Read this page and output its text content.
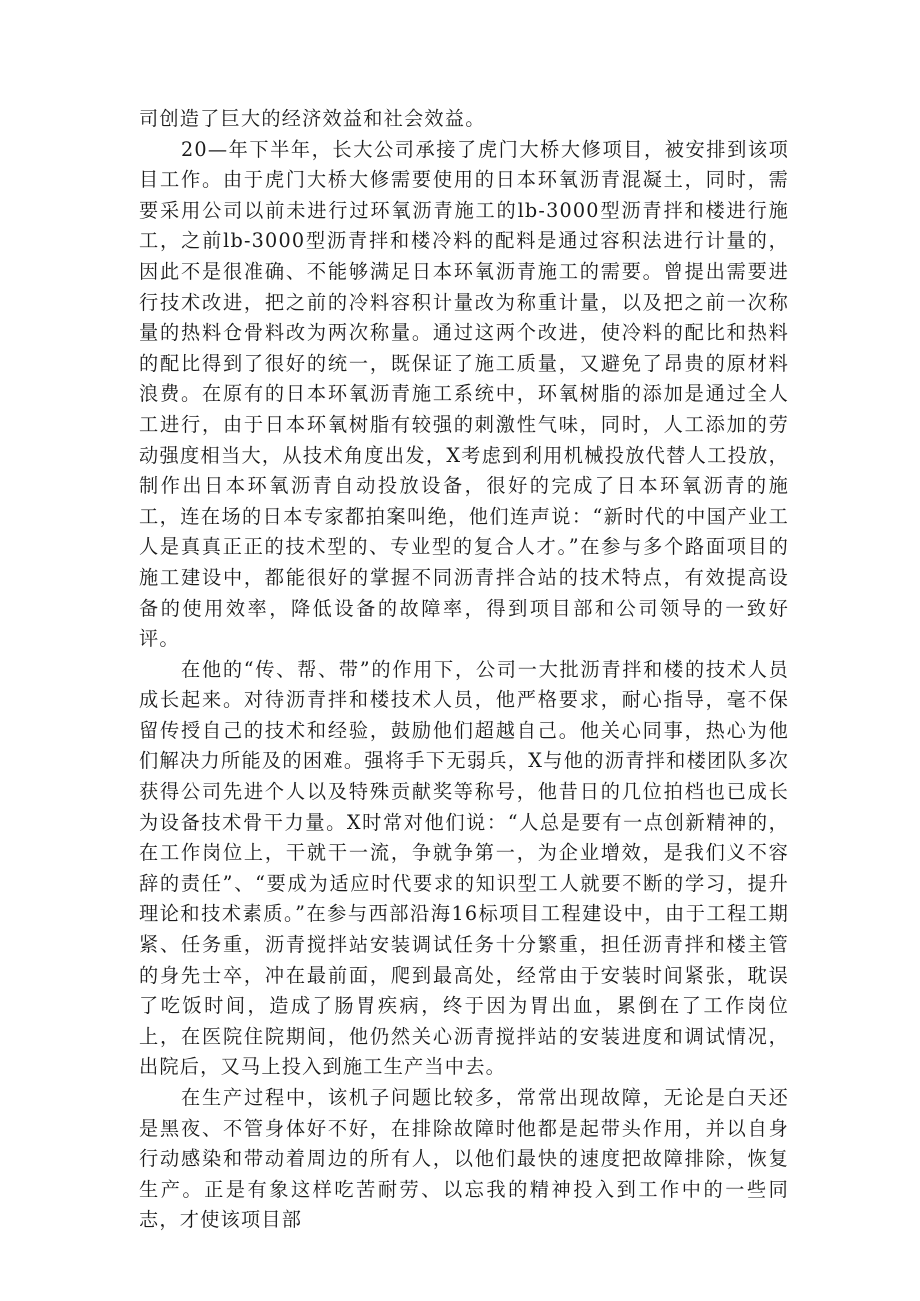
司创造了巨大的经济效益和社会效益。

20—年下半年，长大公司承接了虎门大桥大修项目，被安排到该项目工作。由于虎门大桥大修需要使用的日本环氧沥青混凝土，同时，需要采用公司以前未进行过环氧沥青施工的lb-3000型沥青拌和楼进行施工，之前lb-3000型沥青拌和楼冷料的配料是通过容积法进行计量的，因此不是很准确、不能够满足日本环氧沥青施工的需要。曾提出需要进行技术改进，把之前的冷料容积计量改为称重计量，以及把之前一次称量的热料仓骨料改为两次称量。通过这两个改进，使冷料的配比和热料的配比得到了很好的统一，既保证了施工质量，又避免了昂贵的原材料浪费。在原有的日本环氧沥青施工系统中，环氧树脂的添加是通过全人工进行，由于日本环氧树脂有较强的刺激性气味，同时，人工添加的劳动强度相当大，从技术角度出发，X考虑到利用机械投放代替人工投放，制作出日本环氧沥青自动投放设备，很好的完成了日本环氧沥青的施工，连在场的日本专家都拍案叫绝，他们连声说：“新时代的中国产业工人是真真正正的技术型的、专业型的复合人才。”在参与多个路面项目的施工建设中，都能很好的掌握不同沥青拌合站的技术特点，有效提高设备的使用效率，降低设备的故障率，得到项目部和公司领导的一致好评。

在他的“传、帮、带”的作用下，公司一大批沥青拌和楼的技术人员成长起来。对待沥青拌和楼技术人员，他严格要求，耐心指导，毫不保留传授自己的技术和经验，鼓励他们超越自己。他关心同事，热心为他们解决力所能及的困难。强将手下无弱兵，X与他的沥青拌和楼团队多次获得公司先进个人以及特殊贡献奖等称号，他昔日的几位拍档也已成长为设备技术骨干力量。X时常对他们说：“人总是要有一点创新精神的，在工作岗位上，干就干一流，争就争第一，为企业增效，是我们义不容辞的责任”、“要成为适应时代要求的知识型工人就要不断的学习，提升理论和技术素质。”在参与西部沿海16标项目工程建设中，由于工程工期紧、任务重，沥青搅拌站安装调试任务十分繁重，担任沥青拌和楼主管的身先士卒，冲在最前面，爬到最高处，经常由于安装时间紧张，耽误了吃饭时间，造成了肠胃疾病，终于因为胃出血，累倒在了工作岗位上，在医院住院期间，他仍然关心沥青搅拌站的安装进度和调试情况，出院后，又马上投入到施工生产当中去。

在生产过程中，该机子问题比较多，常常出现故障，无论是白天还是黑夜、不管身体好不好，在排除故障时他都是起带头作用，并以自身行动感染和带动着周边的所有人，以他们最快的速度把故障排除，恢复生产。正是有象这样吃苦耐劳、以忘我的精神投入到工作中的一些同志，才使该项目部
